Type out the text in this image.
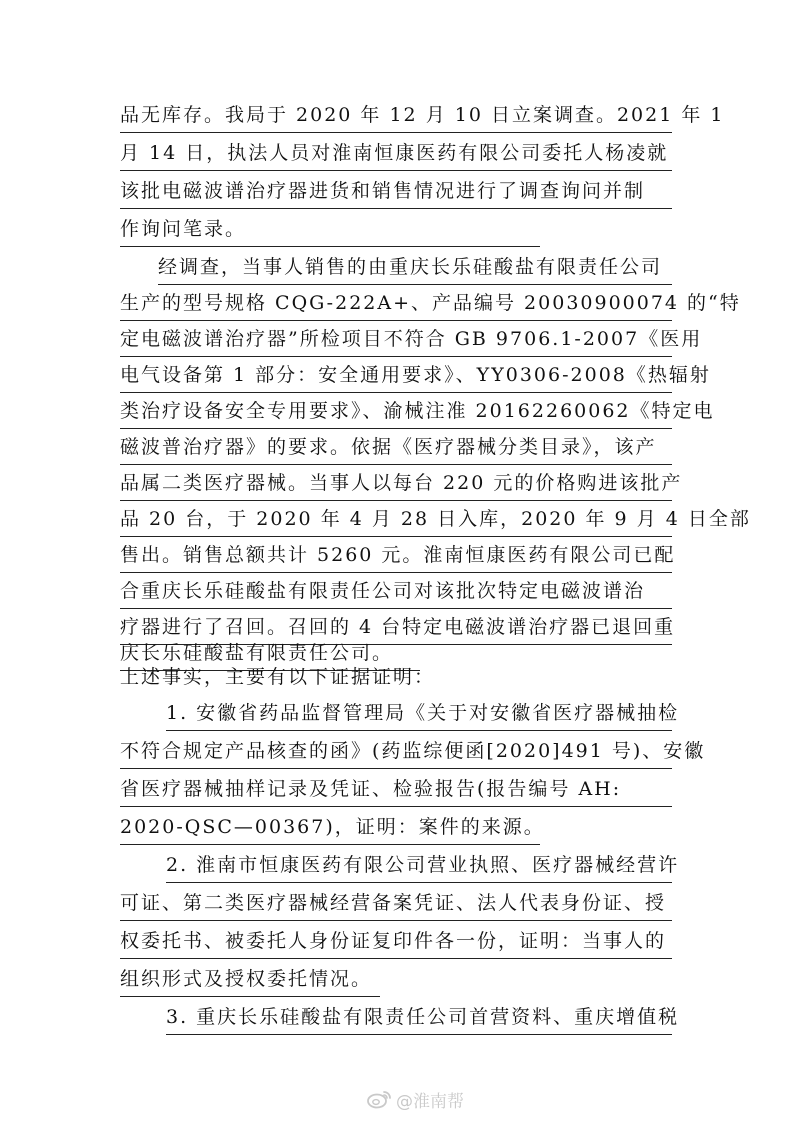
品无库存。我局于 2020 年 12 月 10 日立案调查。2021 年 1
月 14 日，执法人员对淮南恒康医药有限公司委托人杨凌就
该批电磁波谱治疗器进货和销售情况进行了调查询问并制
作询问笔录。
经调查，当事人销售的由重庆长乐硅酸盐有限责任公司
生产的型号规格 CQG-222A+、产品编号 20030900074 的“特
定电磁波谱治疗器”所检项目不符合 GB 9706.1-2007《医用
电气设备第 1 部分：安全通用要求》、YY0306-2008《热辐射
类治疗设备安全专用要求》、渝械注准 20162260062《特定电
磁波普治疗器》的要求。依据《医疗器械分类目录》，该产
品属二类医疗器械。当事人以每台 220 元的价格购进该批产
品 20 台，于 2020 年 4 月 28 日入库，2020 年 9 月 4 日全部
售出。销售总额共计 5260 元。淮南恒康医药有限公司已配
合重庆长乐硅酸盐有限责任公司对该批次特定电磁波谱治
疗器进行了召回。召回的 4 台特定电磁波谱治疗器已退回重
庆长乐硅酸盐有限责任公司。
上述事实，主要有以下证据证明：
1. 安徽省药品监督管理局《关于对安徽省医疗器械抽检
不符合规定产品核查的函》(药监综便函[2020]491 号)、安徽
省医疗器械抽样记录及凭证、检验报告(报告编号 AH:
2020-QSC—00367)，证明：案件的来源。
2. 淮南市恒康医药有限公司营业执照、医疗器械经营许
可证、第二类医疗器械经营备案凭证、法人代表身份证、授
权委托书、被委托人身份证复印件各一份，证明：当事人的
组织形式及授权委托情况。
3. 重庆长乐硅酸盐有限责任公司首营资料、重庆增值税
@淮南帮
